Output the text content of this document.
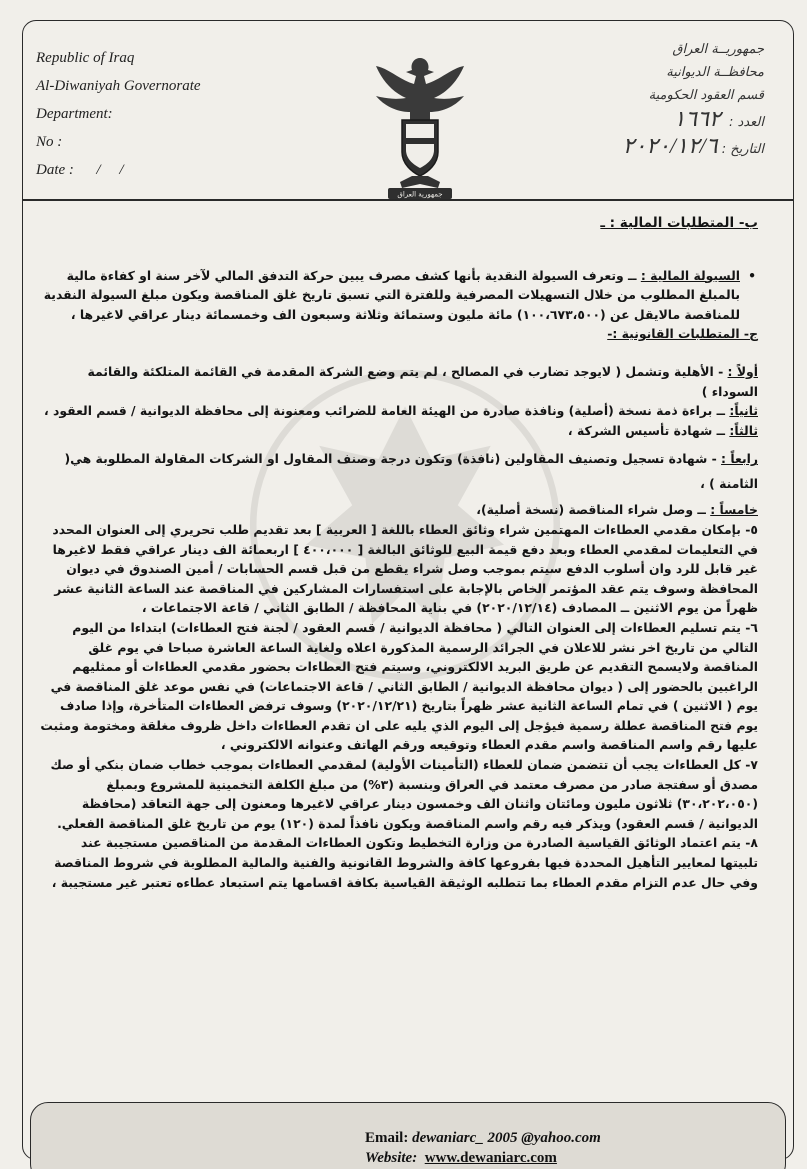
Republic of Iraq
Al-Diwaniyah Governorate
Department:
No :
Date : /     /
جمهورية العراق
جمهوريــة العراق
محافظــة الديوانية
قسم العقود الحكومية
العدد :  ١٦٦٢
التاريخ : ٢٠٢٠/١٢/٦

ب- المتطلبات المالية : ـ

• السيولة المالية : ــ وتعرف السيولة النقدية بأنها كشف مصرف يبين حركة التدفق المالي لآخر سنة او كفاءة مالية بالمبلغ المطلوب من خلال التسهيلات المصرفية وللفترة التي تسبق تاريخ غلق المناقصة ويكون مبلغ السيولة النقدية للمناقصة مالايقل عن (١٠٠،٦٧٣،٥٠٠) مائة مليون وستمائة وثلاثة وسبعون الف وخمسمائة دينار عراقي لاغيرها ،

ج- المتطلبات القانونية :-

أولاً : - الأهلية وتشمل ( لايوجد تضارب في المصالح ، لم يتم وضع الشركة المقدمة في القائمة المتلكئة والقائمة السوداء )

ثانياً: ــ براءة ذمة نسخة (أصلية) ونافذة صادرة من الهيئة العامة للضرائب ومعنونة إلى محافظة الديوانية / قسم العقود ،

ثالثاً: ــ شهادة تأسيس الشركة ،

رابعاً : - شهادة تسجيل وتصنيف المقاولين (نافذة) وتكون درجة وصنف المقاول او الشركات المقاولة المطلوبة هي( الثامنة ) ،

خامساً : ــ وصل شراء المناقصة (نسخة أصلية)،

٥- بإمكان مقدمي العطاءات المهتمين شراء وثائق العطاء باللغة [ العربية ] بعد تقديم طلب تحريري إلى العنوان المحدد في التعليمات لمقدمي العطاء وبعد دفع قيمة البيع للوثائق البالغة [ ٤٠٠،٠٠٠ ] اربعمائة الف دينار عراقي فقط لاغيرها غير قابل للرد وان أسلوب الدفع سيتم بموجب وصل شراء يقطع من قبل قسم الحسابات / أمين الصندوق في ديوان المحافظة وسوف يتم عقد المؤتمر الخاص بالإجابة على استفسارات المشاركين في المناقصة عند الساعة الثانية عشر ظهراً من يوم الاثنين ــ المصادف (٢٠٢٠/١٢/١٤) في بناية المحافظة / الطابق الثاني / قاعة الاجتماعات ،

٦- يتم تسليم العطاءات إلى العنوان التالي ( محافظة الديوانية / قسم العقود / لجنة فتح العطاءات) ابتداءا من اليوم التالي من تاريخ اخر نشر للاعلان في الجرائد الرسمية المذكورة اعلاه ولغاية الساعة العاشرة صباحا في يوم غلق المناقصة ولايسمح التقديم عن طريق البريد الالكتروني، وسيتم فتح العطاءات بحضور مقدمي العطاءات أو ممثليهم الراغبين بالحضور إلى ( ديوان محافظة الديوانية / الطابق الثاني / قاعة الاجتماعات) في نفس موعد غلق المناقصة في يوم ( الاثنين ) في تمام الساعة الثانية عشر ظهراً بتاريخ (٢٠٢٠/١٢/٢١) وسوف ترفض العطاءات المتأخرة، وإذا صادف يوم فتح المناقصة عطلة رسمية فيؤجل إلى اليوم الذي يليه على ان تقدم العطاءات داخل ظروف مغلقة ومختومة ومثبت عليها رقم واسم المناقصة واسم مقدم العطاء وتوقيعه ورقم الهاتف وعنوانه الالكتروني ،

٧- كل العطاءات يجب أن تتضمن ضمان للعطاء (التأمينات الأولية) لمقدمي العطاءات بموجب خطاب ضمان بنكي أو صك مصدق أو سفتجة صادر من مصرف معتمد في العراق وبنسبة (٣%) من مبلغ الكلفة التخمينية للمشروع وبمبلغ (٣٠،٢٠٢،٠٥٠) ثلاثون مليون ومائتان واثنان الف وخمسون دينار عراقي لاغيرها ومعنون إلى جهة التعاقد (محافظة الديوانية / قسم العقود) ويذكر فيه رقم واسم المناقصة ويكون نافذاً لمدة (١٢٠) يوم من تاريخ غلق المناقصة الفعلي.

٨- يتم اعتماد الوثائق القياسية الصادرة من وزارة التخطيط وتكون العطاءات المقدمة من المناقصين مستجيبة عند تلبيتها لمعايير التأهيل المحددة فيها بفروعها كافة والشروط القانونية والفنية والمالية المطلوبة في شروط المناقصة وفي حال عدم التزام مقدم العطاء بما تتطلبه الوثيقة القياسية بكافة اقسامها يتم استبعاد عطاءه تعتبر غير مستجيبة ،

Email: dewaniarc_ 2005 @yahoo.com
Website: www.dewaniarc.com
